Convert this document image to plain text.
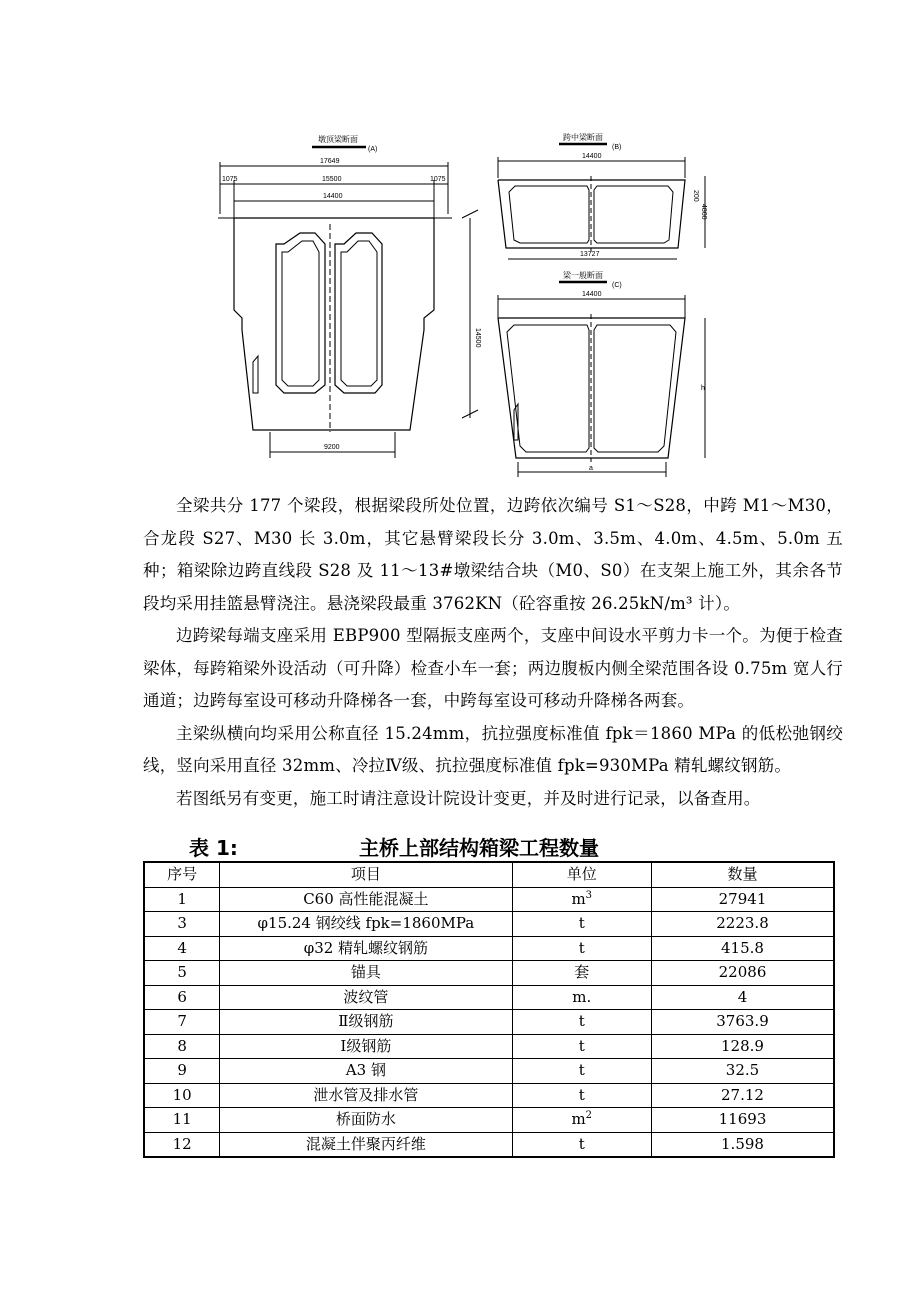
墩顶梁断面
(A)
17649
1075	15500	1075
14400
14500
9200
跨中梁断面
(B)
14400
200
4800
13727
梁一般断面
(C)
14400
h
a

全梁共分 177 个梁段，根据梁段所处位置，边跨依次编号 S1～S28，中跨 M1～M30，合龙段 S27、M30 长 3.0m，其它悬臂梁段长分 3.0m、3.5m、4.0m、4.5m、5.0m 五种；箱梁除边跨直线段 S28 及 11～13#墩梁结合块（M0、S0）在支架上施工外，其余各节段均采用挂篮悬臂浇注。悬浇梁段最重 3762KN（砼容重按 26.25kN/m³ 计）。

边跨梁每端支座采用 EBP900 型隔振支座两个，支座中间设水平剪力卡一个。为便于检查梁体，每跨箱梁外设活动（可升降）检查小车一套；两边腹板内侧全梁范围各设 0.75m 宽人行通道；边跨每室设可移动升降梯各一套，中跨每室设可移动升降梯各两套。

主梁纵横向均采用公称直径 15.24mm，抗拉强度标准值 fpk＝1860 MPa 的低松弛钢绞线，竖向采用直径 32mm、冷拉Ⅳ级、抗拉强度标准值 fpk=930MPa 精轧螺纹钢筋。

若图纸另有变更，施工时请注意设计院设计变更，并及时进行记录，以备查用。

表 1:	主桥上部结构箱梁工程数量
序号	项目	单位	数量
1	C60 高性能混凝土	$m^3$	27941
3	φ15.24 钢绞线 fpk=1860MPa	t	2223.8
4	φ32 精轧螺纹钢筋	t	415.8
5	锚具	套	22086
6	波纹管	m.	4
7	Ⅱ级钢筋	t	3763.9
8	Ⅰ级钢筋	t	128.9
9	A3 钢	t	32.5
10	泄水管及排水管	t	27.12
11	桥面防水	$m^2$	11693
12	混凝土伴聚丙纤维	t	1.598
